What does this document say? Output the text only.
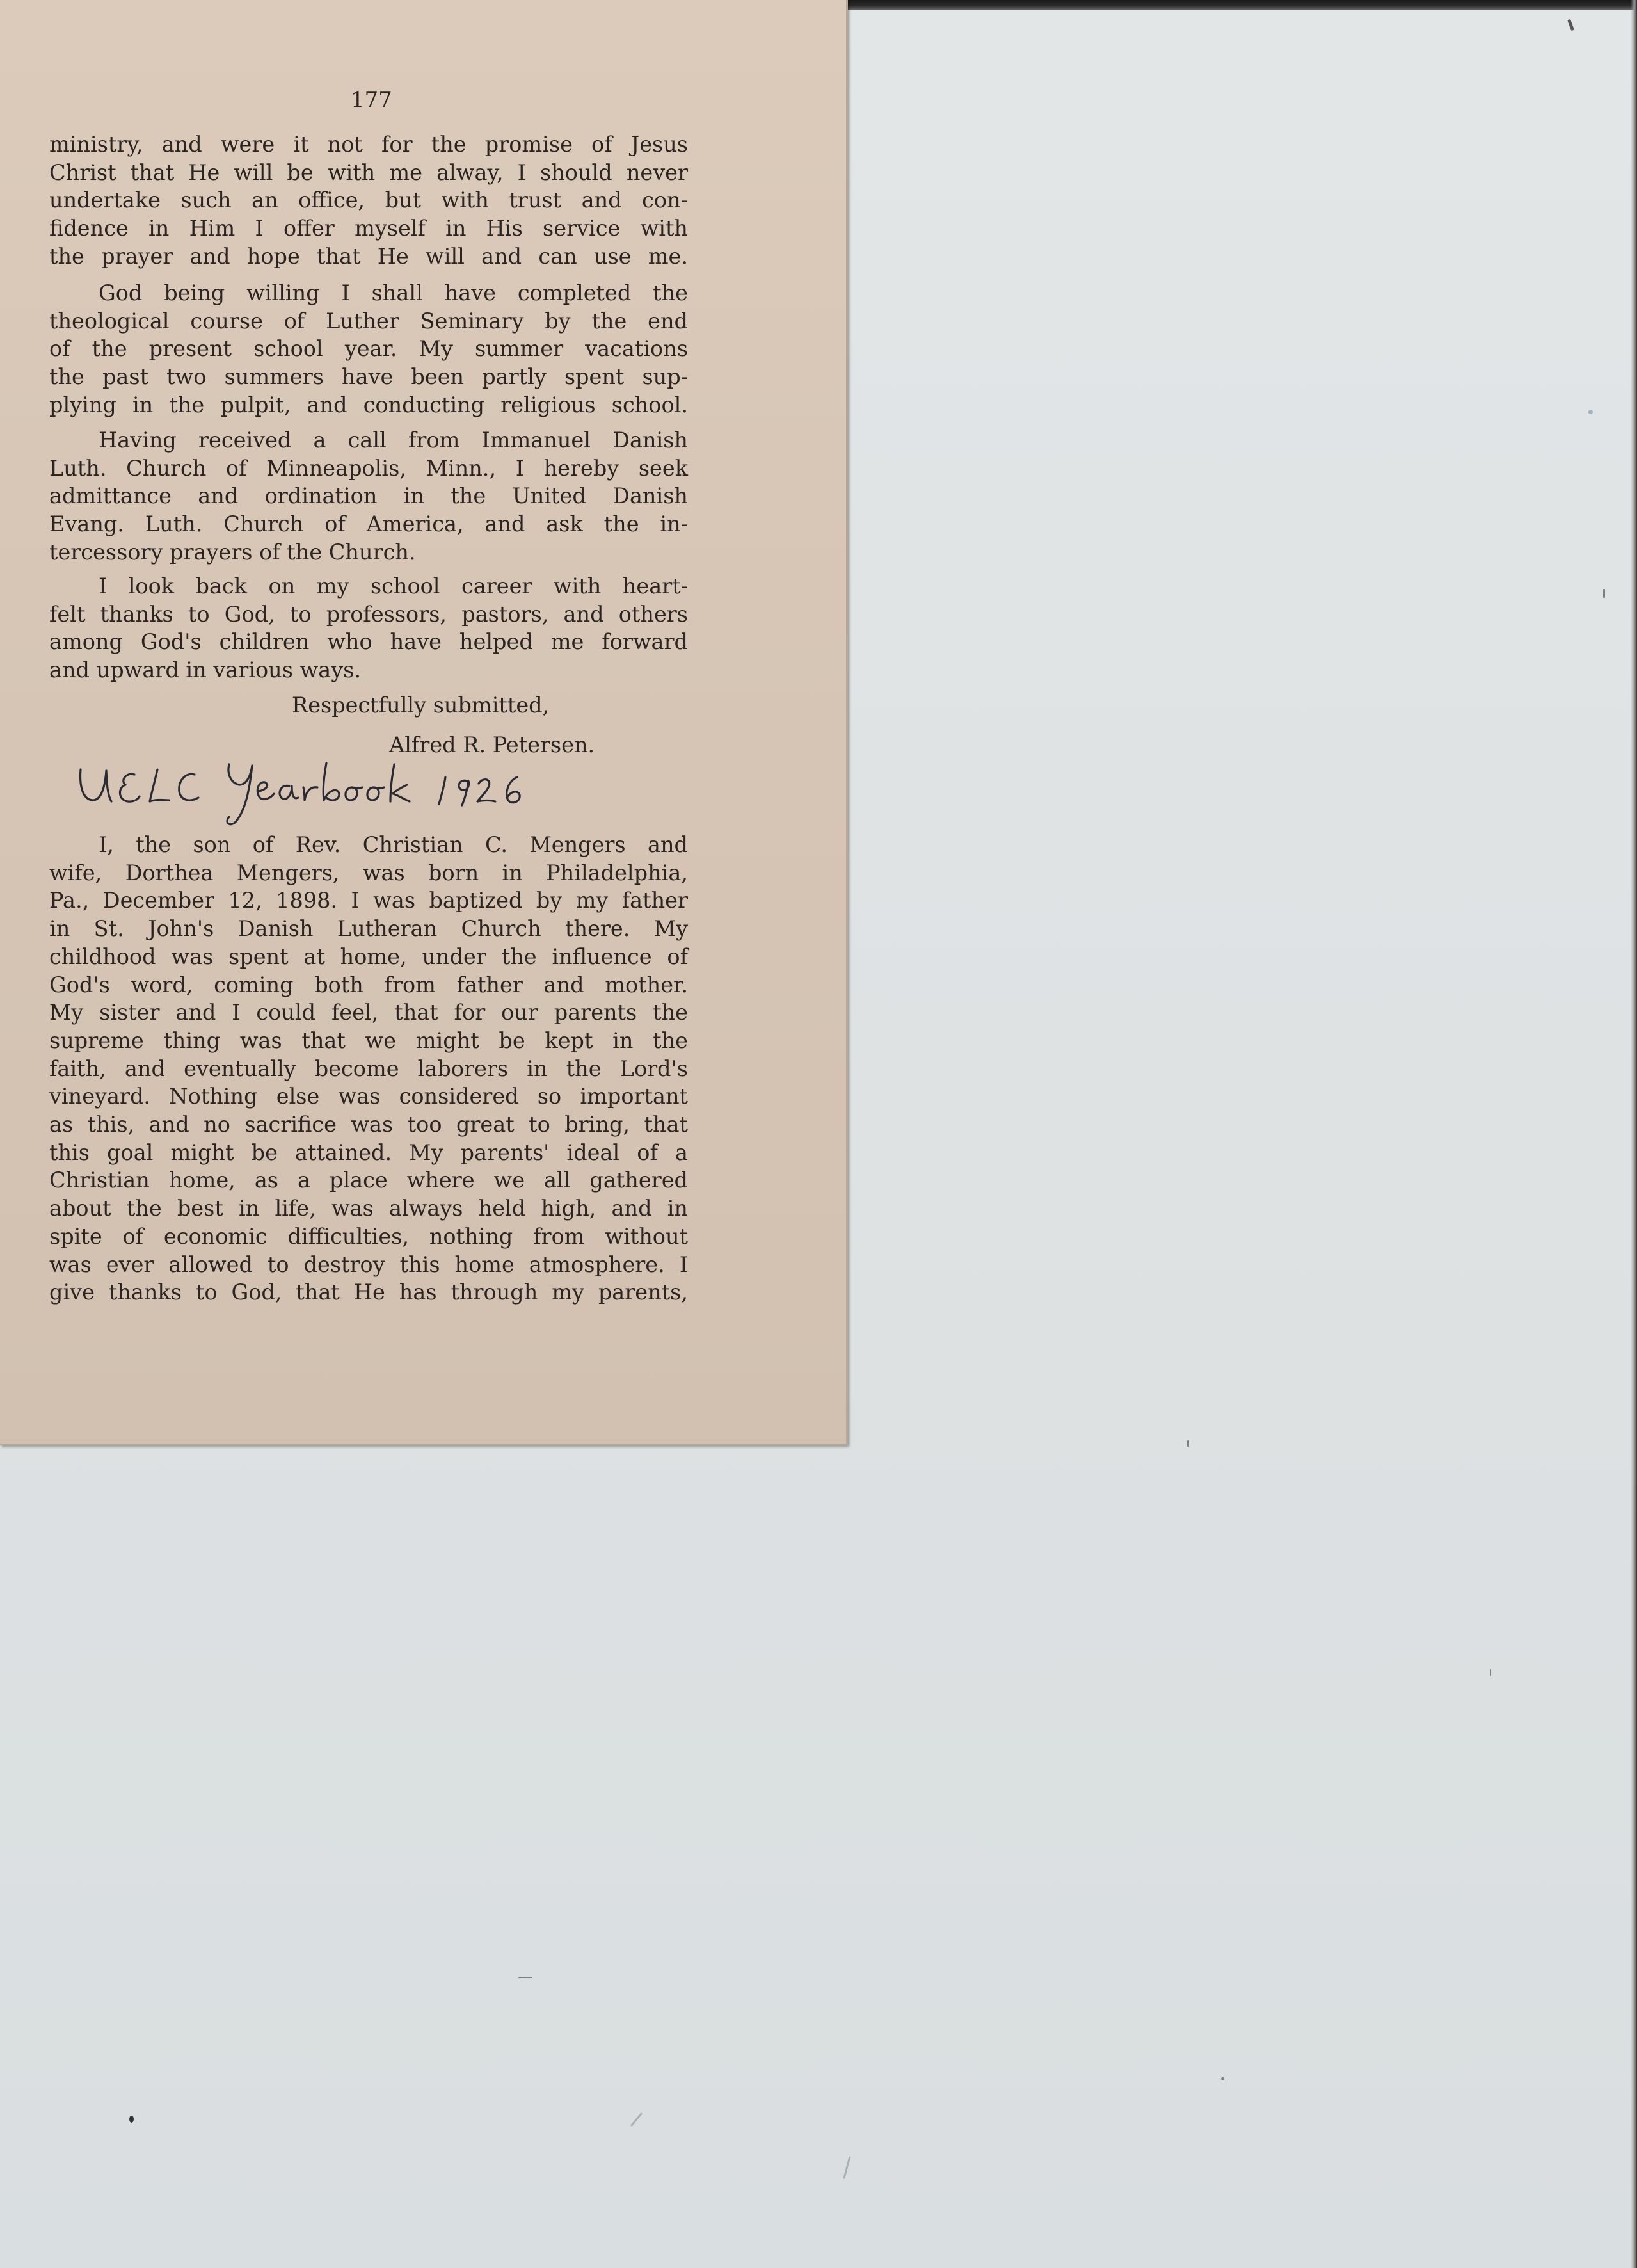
177

ministry, and were it not for the promise of Jesus
Christ that He will be with me alway, I should never
undertake such an office, but with trust and con-
fidence in Him I offer myself in His service with
the prayer and hope that He will and can use me.

God being willing I shall have completed the
theological course of Luther Seminary by the end
of the present school year. My summer vacations
the past two summers have been partly spent sup-
plying in the pulpit, and conducting religious school.

Having received a call from Immanuel Danish
Luth. Church of Minneapolis, Minn., I hereby seek
admittance and ordination in the United Danish
Evang. Luth. Church of America, and ask the in-
tercessory prayers of the Church.

I look back on my school career with heart-
felt thanks to God, to professors, pastors, and others
among God's children who have helped me forward
and upward in various ways.

Respectfully submitted,
Alfred R. Petersen.

I, the son of Rev. Christian C. Mengers and
wife, Dorthea Mengers, was born in Philadelphia,
Pa., December 12, 1898. I was baptized by my father
in St. John's Danish Lutheran Church there. My
childhood was spent at home, under the influence of
God's word, coming both from father and mother.
My sister and I could feel, that for our parents the
supreme thing was that we might be kept in the
faith, and eventually become laborers in the Lord's
vineyard. Nothing else was considered so important
as this, and no sacrifice was too great to bring, that
this goal might be attained. My parents' ideal of a
Christian home, as a place where we all gathered
about the best in life, was always held high, and in
spite of economic difficulties, nothing from without
was ever allowed to destroy this home atmosphere. I
give thanks to God, that He has through my parents,
